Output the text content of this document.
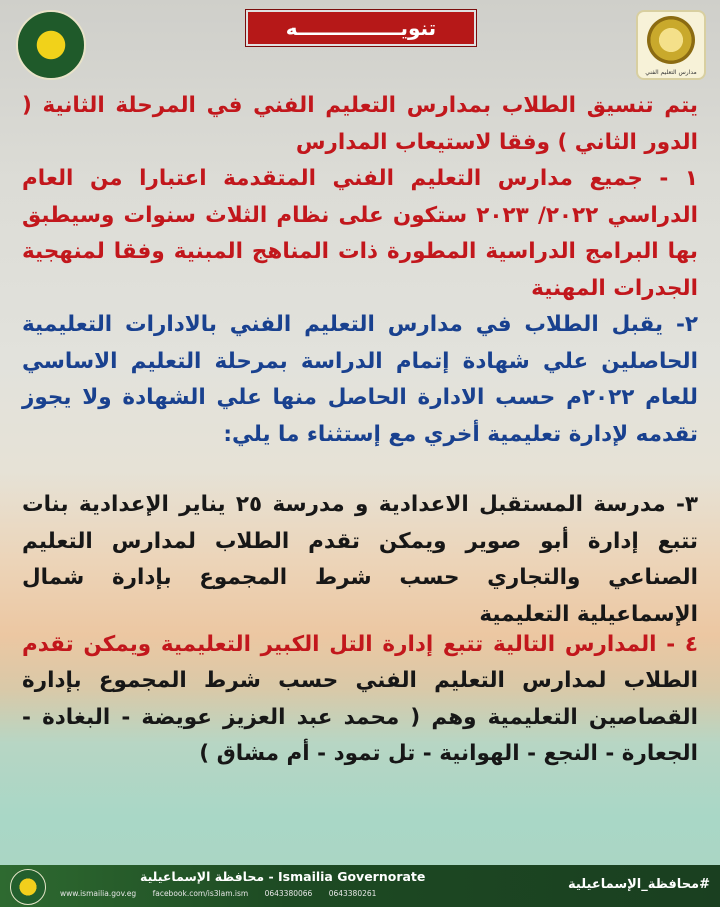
تنويـــــــــــــــه
مدارس التعليم الفني

يتم تنسيق الطلاب بمدارس التعليم الفني في المرحلة الثانية ( الدور الثاني ) وفقا لاستيعاب المدارس

١ - جميع مدارس التعليم الفني المتقدمة اعتبارا من العام الدراسي ٢٠٢٢/ ٢٠٢٣ ستكون على نظام الثلاث سنوات وسيطبق بها البرامج الدراسية المطورة ذات المناهج المبنية وفقا لمنهجية الجدرات المهنية

٢- يقبل الطلاب في مدارس التعليم الفني بالادارات التعليمية الحاصلين علي شهادة إتمام الدراسة بمرحلة التعليم الاساسي للعام ٢٠٢٢م حسب الادارة الحاصل منها علي الشهادة ولا يجوز تقدمه لإدارة تعليمية أخري مع إستثناء ما يلي:

٣- مدرسة المستقبل الاعدادية و مدرسة ٢٥ يناير الإعدادية بنات تتبع إدارة أبو صوير ويمكن تقدم الطلاب لمدارس التعليم الصناعي والتجاري حسب شرط المجموع بإدارة شمال الإسماعيلية التعليمية

٤ - المدارس التالية تتبع إدارة التل الكبير التعليمية ويمكن تقدم الطلاب لمدارس التعليم الفني حسب شرط المجموع بإدارة القصاصين التعليمية وهم ( محمد عبد العزيز عويضة - البغادة - الجعارة - النجع - الهوانية - تل تمود - أم مشاق )

محافظة الإسماعيلية - Ismailia Governorate
www.ismailia.gov.eg facebook.com/is3lam.ism 0643380066 0643380261
#محافظة_الإسماعيلية
